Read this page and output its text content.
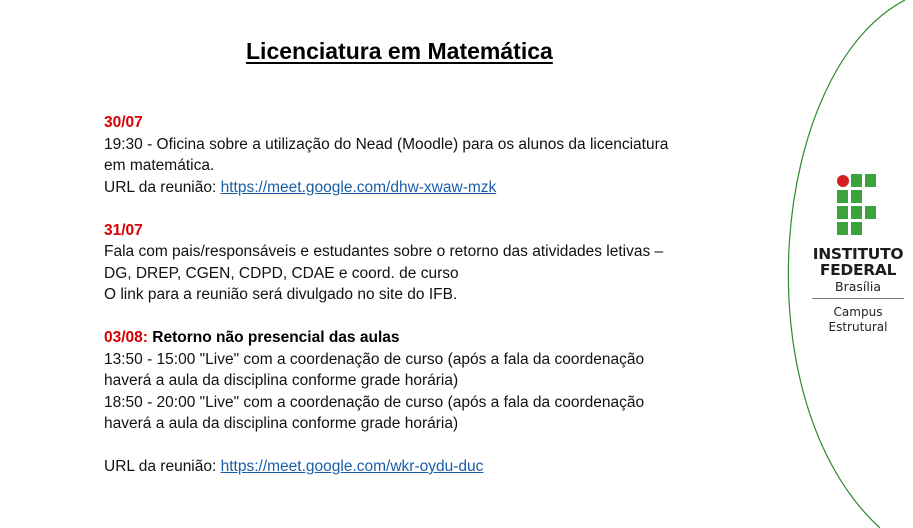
Licenciatura em Matemática
30/07
19:30 - Oficina sobre a utilização do Nead (Moodle) para os alunos da licenciatura
em matemática.
URL da reunião: https://meet.google.com/dhw-xwaw-mzk
31/07
Fala com pais/responsáveis e estudantes sobre o retorno das atividades letivas –
DG, DREP, CGEN, CDPD, CDAE e coord. de curso
O link para a reunião será divulgado no site do IFB.
03/08: Retorno não presencial das aulas
13:50 - 15:00 "Live" com a coordenação de curso (após a fala da coordenação
haverá a aula da disciplina conforme grade horária)
18:50 - 20:00 "Live" com a coordenação de curso (após a fala da coordenação
haverá a aula da disciplina conforme grade horária)
URL da reunião: https://meet.google.com/wkr-oydu-duc
INSTITUTO
FEDERAL
Brasília
Campus
Estrutural
